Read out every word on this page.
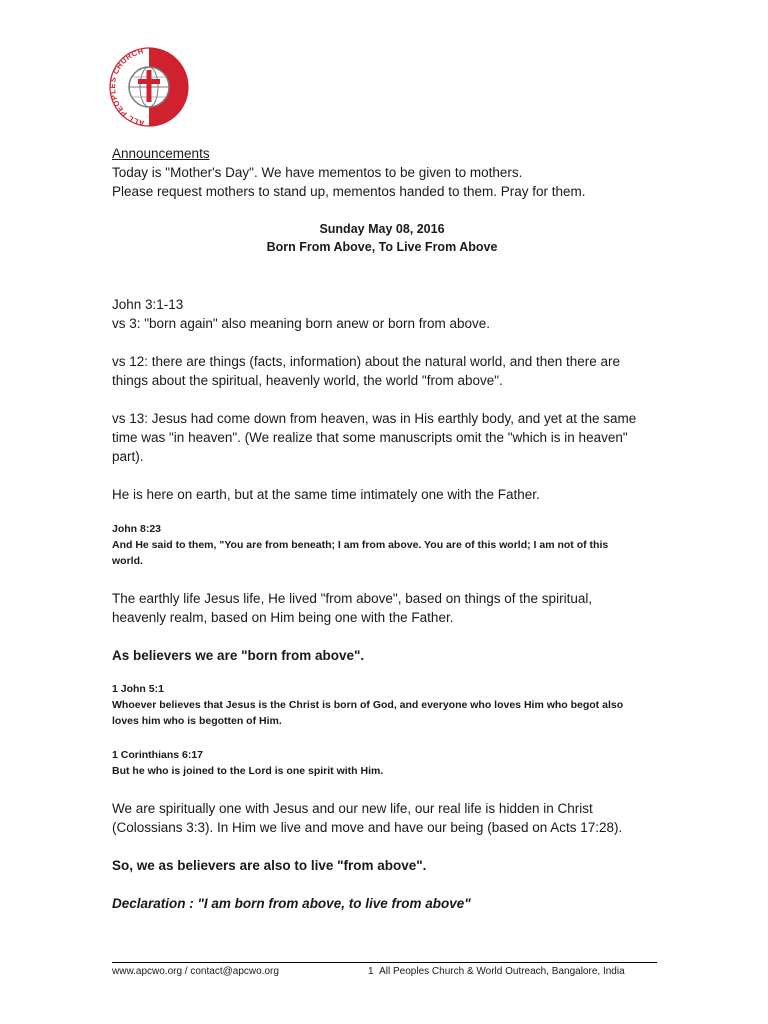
ALL PEOPLES CHURCH
Announcements
Today is "Mother's Day". We have mementos to be given to mothers.
Please request mothers to stand up, mementos handed to them. Pray for them.
Sunday May 08, 2016
Born From Above, To Live From Above
John 3:1-13
vs 3: "born again" also meaning born anew or born from above.
vs 12: there are things (facts, information) about the natural world, and then there are
things about the spiritual, heavenly world, the world "from above".
vs 13: Jesus had come down from heaven, was in His earthly body, and yet at the same
time was "in heaven". (We realize that some manuscripts omit the "which is in heaven"
part).
He is here on earth, but at the same time intimately one with the Father.
John 8:23
And He said to them, "You are from beneath; I am from above. You are of this world; I am not of this
world.
The earthly life Jesus life, He lived "from above", based on things of the spiritual,
heavenly realm, based on Him being one with the Father.
As believers we are "born from above".
1 John 5:1
Whoever believes that Jesus is the Christ is born of God, and everyone who loves Him who begot also
loves him who is begotten of Him.
1 Corinthians 6:17
But he who is joined to the Lord is one spirit with Him.
We are spiritually one with Jesus and our new life, our real life is hidden in Christ
(Colossians 3:3). In Him we live and move and have our being (based on Acts 17:28).
So, we as believers are also to live "from above".
Declaration : "I am born from above, to live from above"
www.apcwo.org / contact@apcwo.org	1 All Peoples Church & World Outreach, Bangalore, India
